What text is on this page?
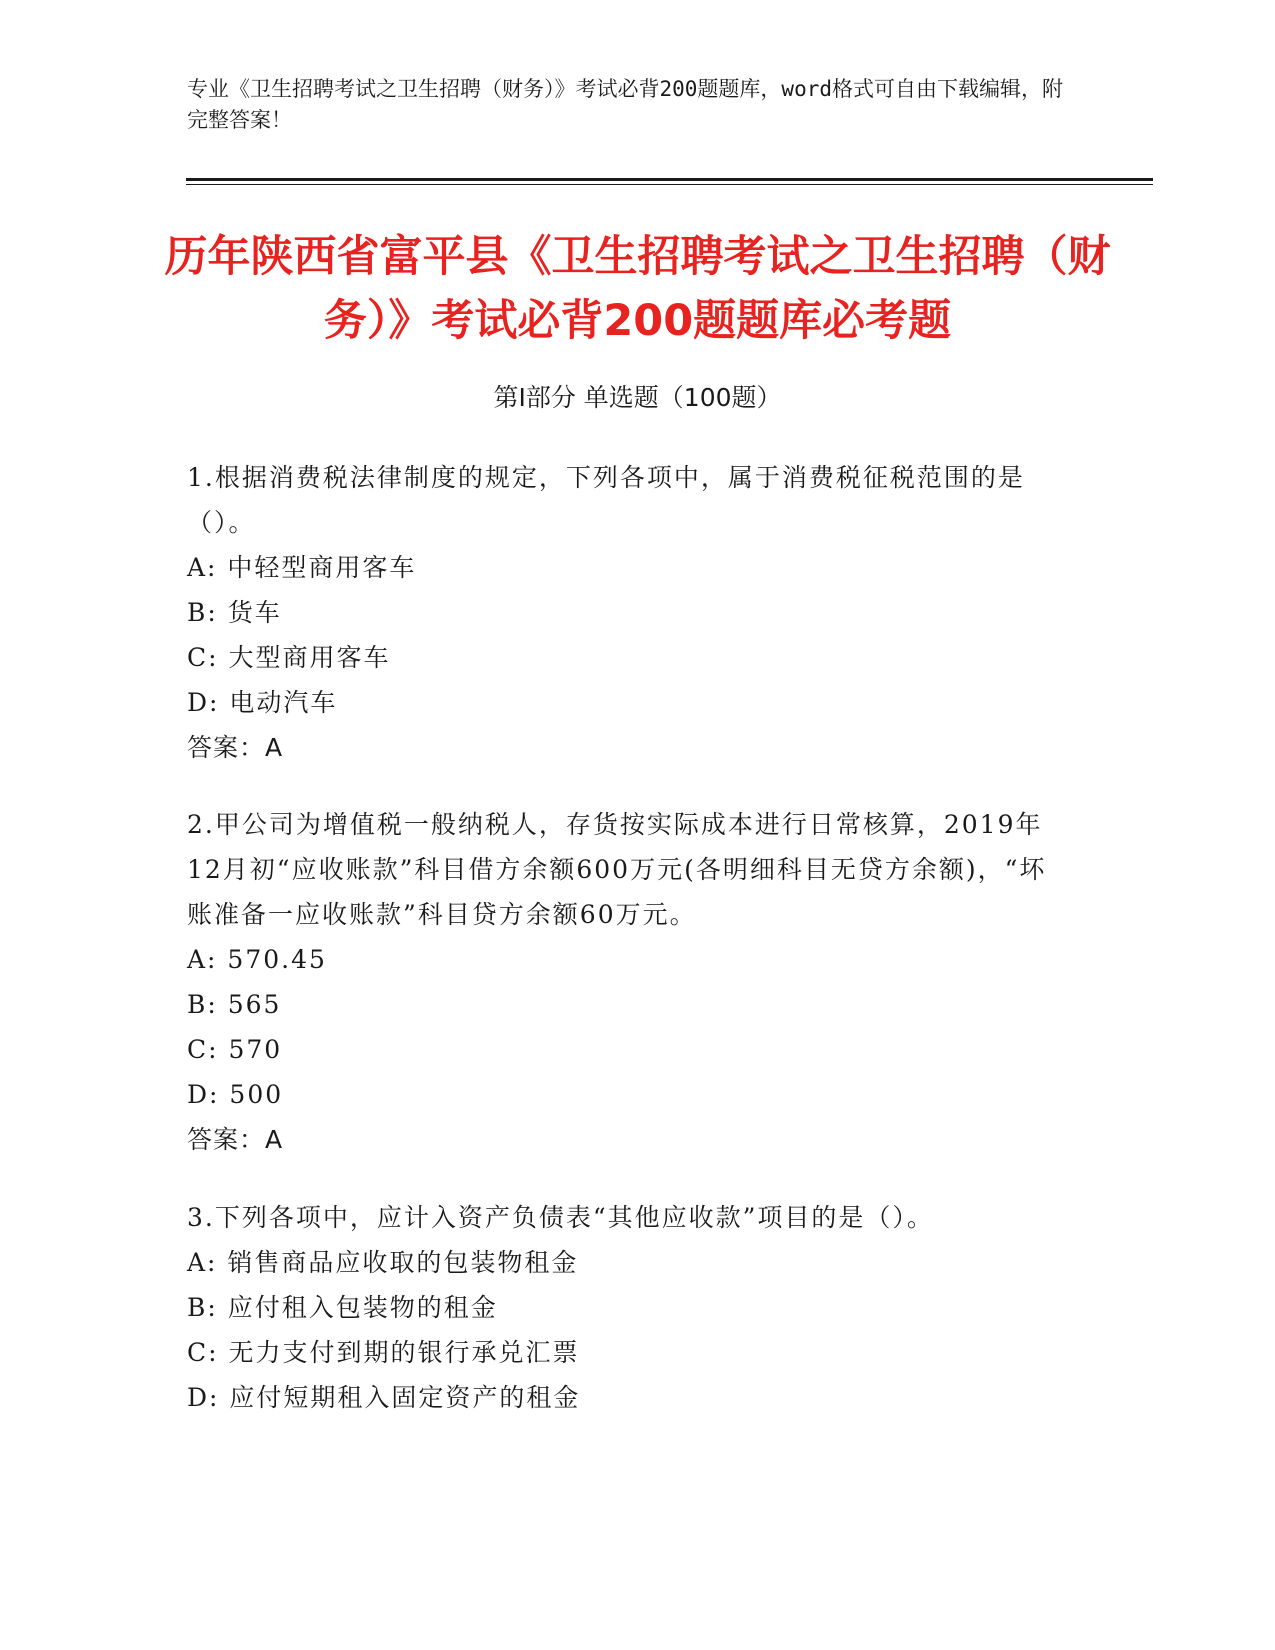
专业《卫生招聘考试之卫生招聘（财务）》考试必背200题题库，word格式可自由下载编辑，附完整答案！
历年陕西省富平县《卫生招聘考试之卫生招聘（财务）》考试必背200题题库必考题
第I部分 单选题（100题）

1.根据消费税法律制度的规定，下列各项中，属于消费税征税范围的是（）。

A: 中轻型商用客车

B: 货车

C: 大型商用客车

D: 电动汽车

答案：A

2.甲公司为增值税一般纳税人，存货按实际成本进行日常核算，2019年12月初“应收账款”科目借方余额600万元(各明细科目无贷方余额)，“坏账准备一应收账款”科目贷方余额60万元。

A: 570.45

B: 565

C: 570

D: 500

答案：A

3.下列各项中，应计入资产负债表“其他应收款”项目的是（）。

A: 销售商品应收取的包装物租金

B: 应付租入包装物的租金

C: 无力支付到期的银行承兑汇票

D: 应付短期租入固定资产的租金
